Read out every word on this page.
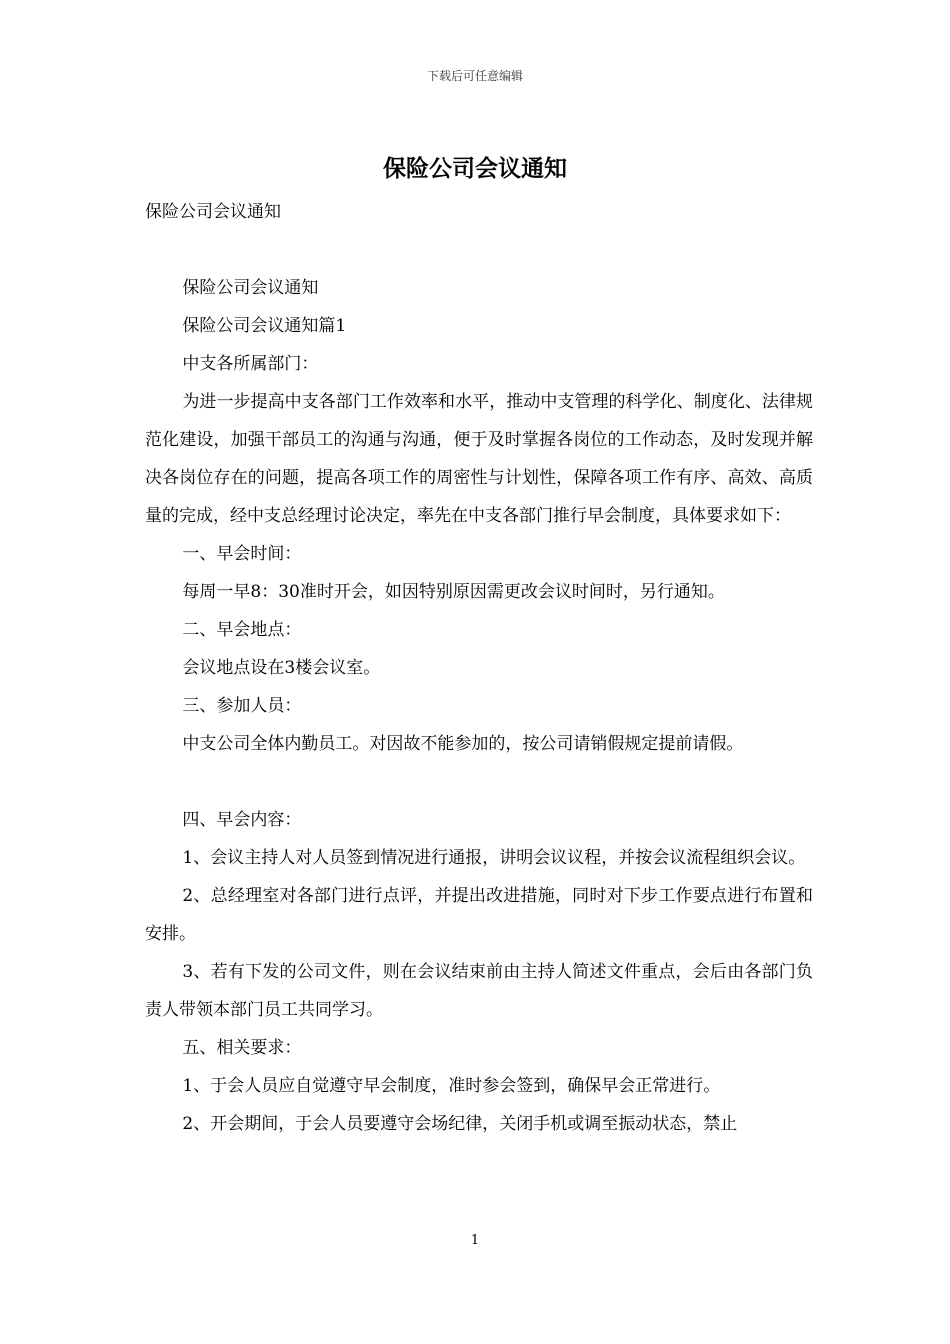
下载后可任意编辑
保险公司会议通知
保险公司会议通知

保险公司会议通知

保险公司会议通知篇1

中支各所属部门：

为进一步提高中支各部门工作效率和水平，推动中支管理的科学化、制度化、法律规范化建设，加强干部员工的沟通与沟通，便于及时掌握各岗位的工作动态，及时发现并解决各岗位存在的问题，提高各项工作的周密性与计划性，保障各项工作有序、高效、高质量的完成，经中支总经理讨论决定，率先在中支各部门推行早会制度，具体要求如下：

一、早会时间：

每周一早8：30准时开会，如因特别原因需更改会议时间时，另行通知。

二、早会地点：

会议地点设在3楼会议室。

三、参加人员：

中支公司全体内勤员工。对因故不能参加的，按公司请销假规定提前请假。

四、早会内容：

1、会议主持人对人员签到情况进行通报，讲明会议议程，并按会议流程组织会议。

2、总经理室对各部门进行点评，并提出改进措施，同时对下步工作要点进行布置和安排。

3、若有下发的公司文件，则在会议结束前由主持人简述文件重点，会后由各部门负责人带领本部门员工共同学习。

五、相关要求：

1、于会人员应自觉遵守早会制度，准时参会签到，确保早会正常进行。

2、开会期间，于会人员要遵守会场纪律，关闭手机或调至振动状态，禁止

1
